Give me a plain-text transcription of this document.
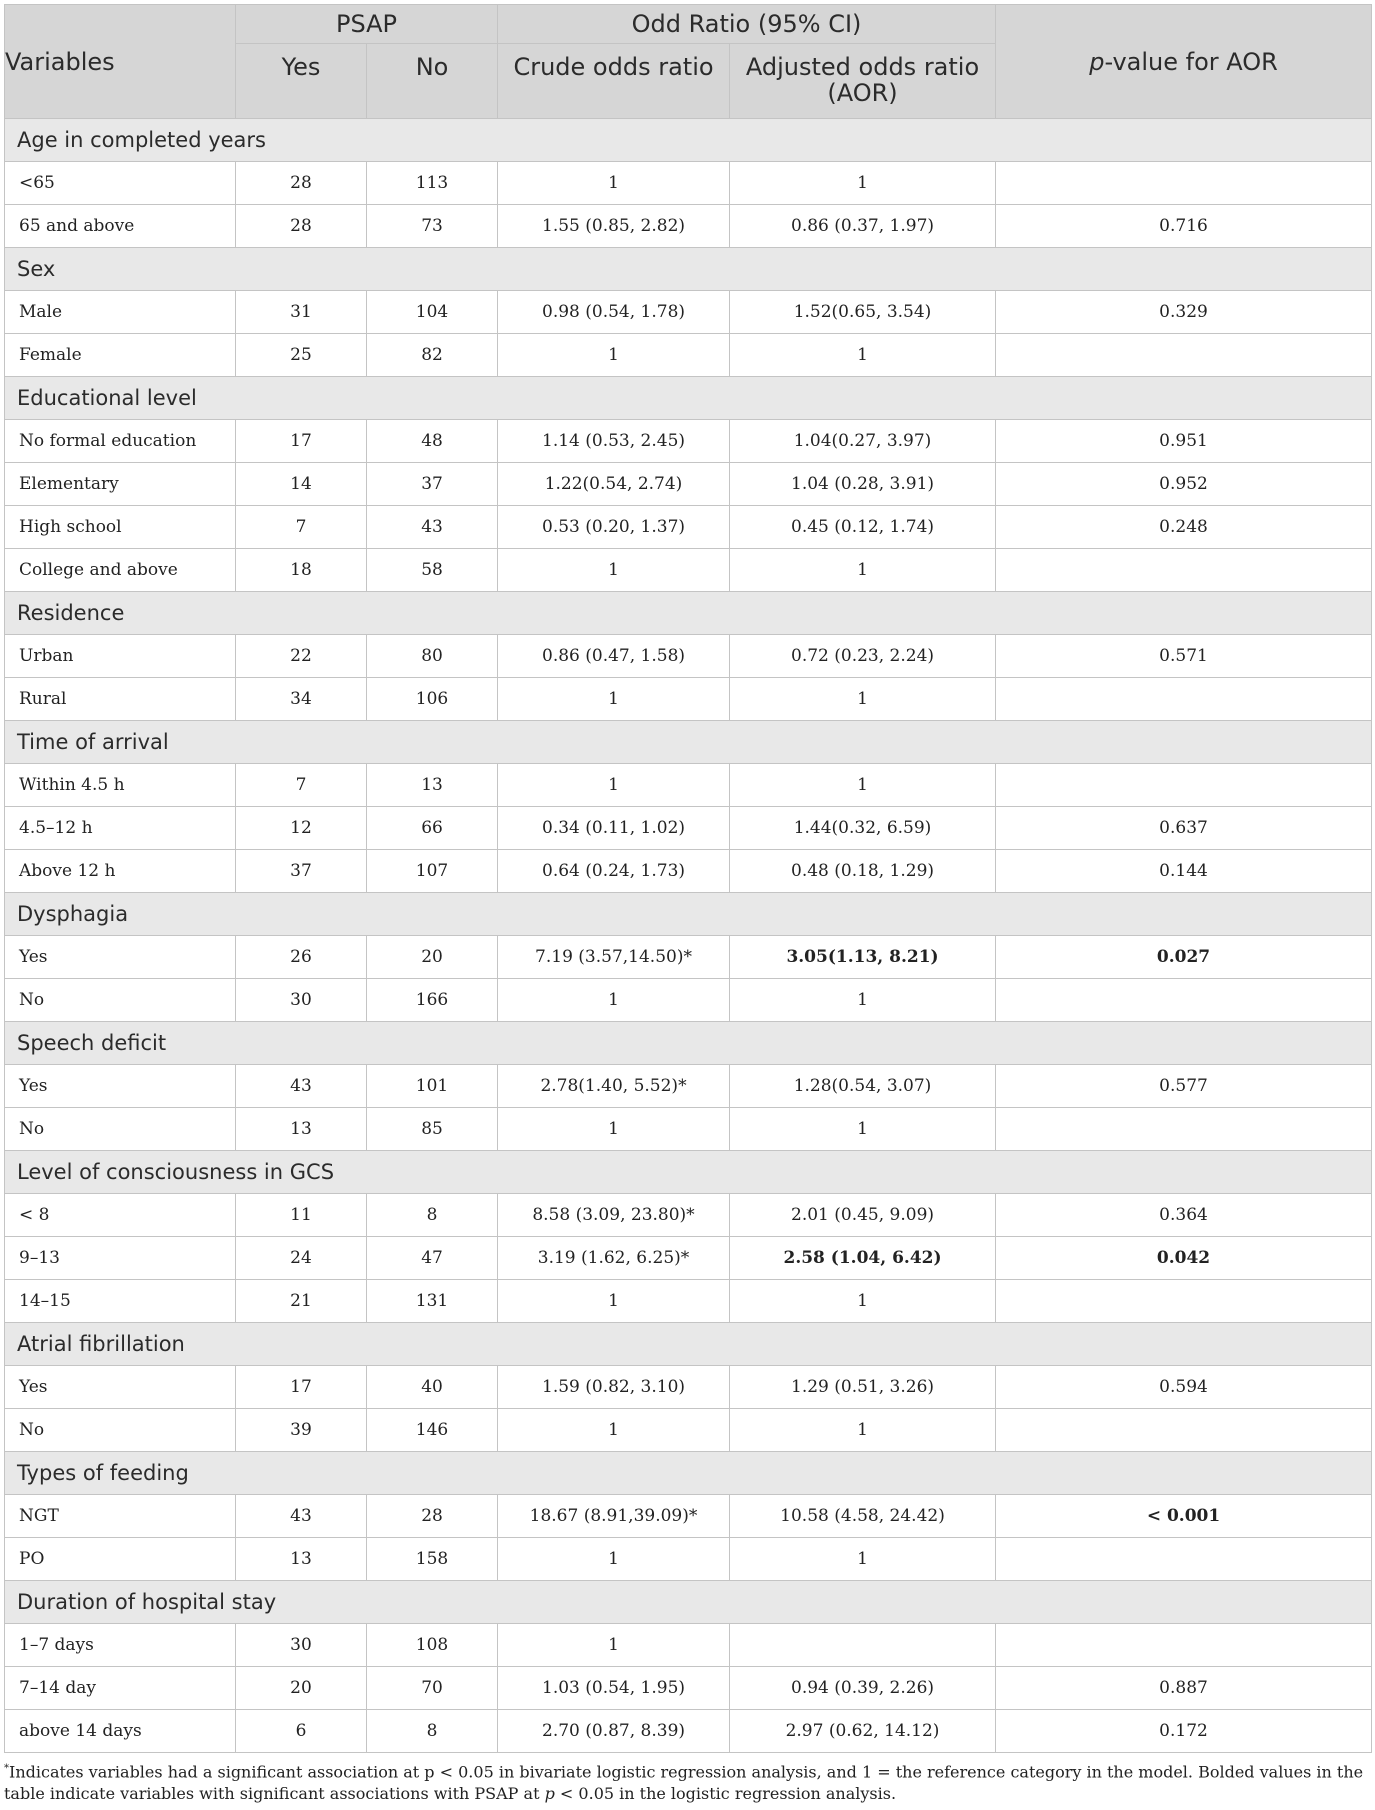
Variables	PSAP		Odd Ratio (95% CI)		p-value for AOR
	Yes	No	Crude odds ratio	Adjusted odds ratio
(AOR)	
Age in completed years					
<65	28	113	1	1	
65 and above	28	73	1.55 (0.85, 2.82)	0.86 (0.37, 1.97)	0.716
Sex					
Male	31	104	0.98 (0.54, 1.78)	1.52(0.65, 3.54)	0.329
Female	25	82	1	1	
Educational level					
No formal education	17	48	1.14 (0.53, 2.45)	1.04(0.27, 3.97)	0.951
Elementary	14	37	1.22(0.54, 2.74)	1.04 (0.28, 3.91)	0.952
High school	7	43	0.53 (0.20, 1.37)	0.45 (0.12, 1.74)	0.248
College and above	18	58	1	1	
Residence					
Urban	22	80	0.86 (0.47, 1.58)	0.72 (0.23, 2.24)	0.571
Rural	34	106	1	1	
Time of arrival					
Within 4.5 h	7	13	1	1	
4.5–12 h	12	66	0.34 (0.11, 1.02)	1.44(0.32, 6.59)	0.637
Above 12 h	37	107	0.64 (0.24, 1.73)	0.48 (0.18, 1.29)	0.144
Dysphagia					
Yes	26	20	7.19 (3.57,14.50)*	3.05(1.13, 8.21)	0.027
No	30	166	1	1	
Speech deficit					
Yes	43	101	2.78(1.40, 5.52)*	1.28(0.54, 3.07)	0.577
No	13	85	1	1	
Level of consciousness in GCS					
< 8	11	8	8.58 (3.09, 23.80)*	2.01 (0.45, 9.09)	0.364
9–13	24	47	3.19 (1.62, 6.25)*	2.58 (1.04, 6.42)	0.042
14–15	21	131	1	1	
Atrial fibrillation					
Yes	17	40	1.59 (0.82, 3.10)	1.29 (0.51, 3.26)	0.594
No	39	146	1	1	
Types of feeding					
NGT	43	28	18.67 (8.91,39.09)*	10.58 (4.58, 24.42)	< 0.001
PO	13	158	1	1	
Duration of hospital stay					
1–7 days	30	108	1		
7–14 day	20	70	1.03 (0.54, 1.95)	0.94 (0.39, 2.26)	0.887
above 14 days	6	8	2.70 (0.87, 8.39)	2.97 (0.62, 14.12)	0.172
*Indicates variables had a significant association at p < 0.05 in bivariate logistic regression analysis, and 1 = the reference category in the model. Bolded values in the table indicate variables with significant associations with PSAP at p < 0.05 in the logistic regression analysis.
